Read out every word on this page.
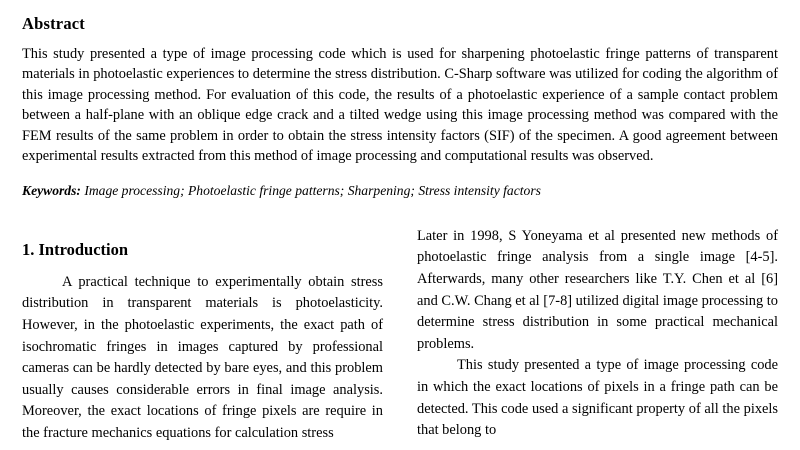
Abstract

This study presented a type of image processing code which is used for sharpening photoelastic fringe patterns of transparent materials in photoelastic experiences to determine the stress distribution. C-Sharp software was utilized for coding the algorithm of this image processing method. For evaluation of this code, the results of a photoelastic experience of a sample contact problem between a half-plane with an oblique edge crack and a tilted wedge using this image processing method was compared with the FEM results of the same problem in order to obtain the stress intensity factors (SIF) of the specimen. A good agreement between experimental results extracted from this method of image processing and computational results was observed.

Keywords: Image processing; Photoelastic fringe patterns; Sharpening; Stress intensity factors

1. Introduction

A practical technique to experimentally obtain stress distribution in transparent materials is photoelasticity. However, in the photoelastic experiments, the exact path of isochromatic fringes in images captured by professional cameras can be hardly detected by bare eyes, and this problem usually causes considerable errors in final image analysis. Moreover, the exact locations of fringe pixels are require in the fracture mechanics equations for calculation stress

Later in 1998, S Yoneyama et al presented new methods of photoelastic fringe analysis from a single image [4-5]. Afterwards, many other researchers like T.Y. Chen et al [6] and C.W. Chang et al [7-8] utilized digital image processing to determine stress distribution in some practical mechanical problems.

This study presented a type of image processing code in which the exact locations of pixels in a fringe path can be detected. This code used a significant property of all the pixels that belong to
